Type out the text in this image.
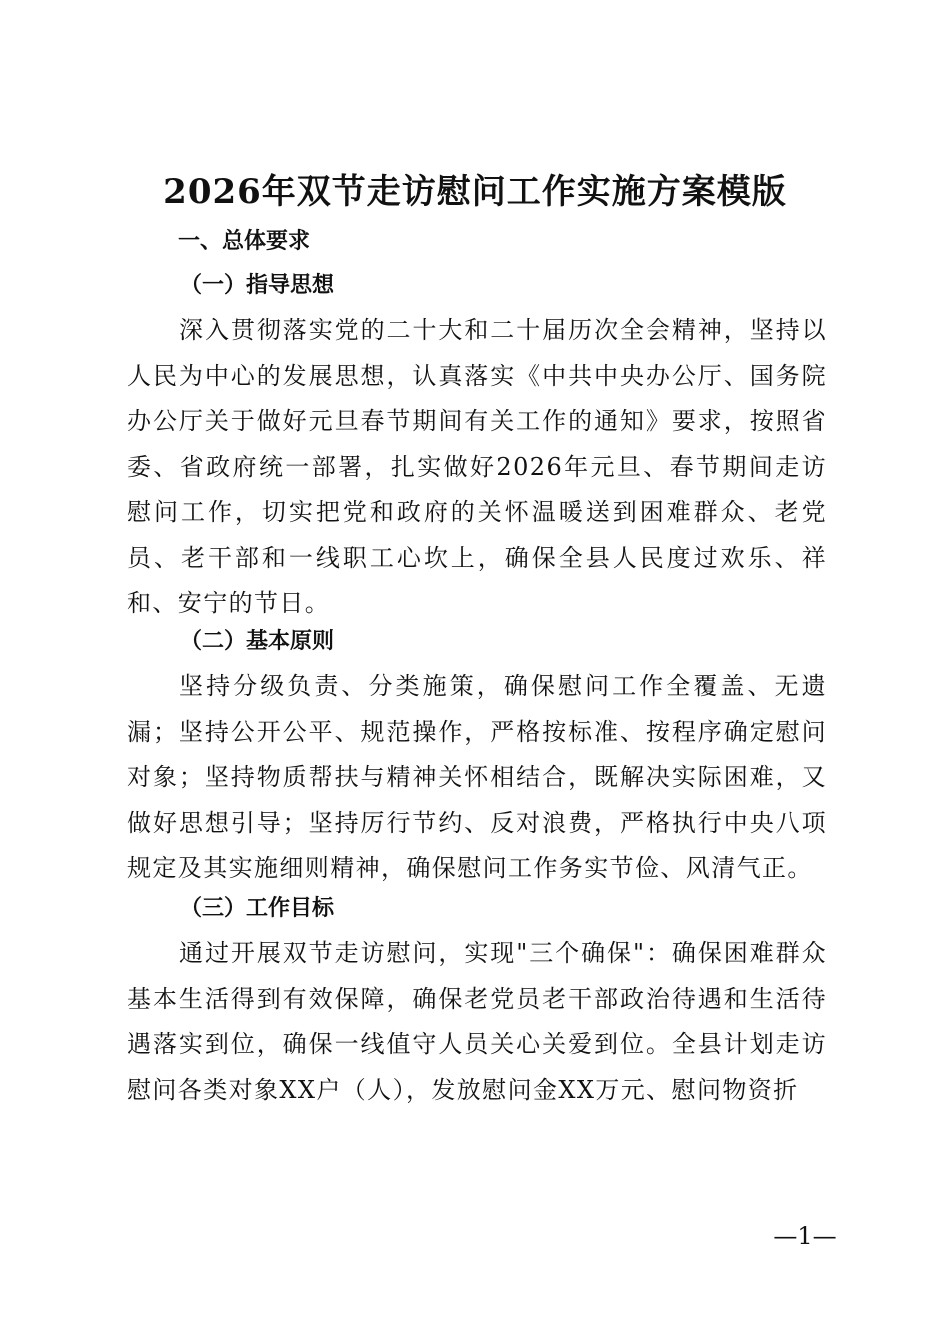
2026年双节走访慰问工作实施方案模版
一、总体要求
（一）指导思想

深入贯彻落实党的二十大和二十届历次全会精神，坚持以人民为中心的发展思想，认真落实《中共中央办公厅、国务院办公厅关于做好元旦春节期间有关工作的通知》要求，按照省委、省政府统一部署，扎实做好2026年元旦、春节期间走访慰问工作，切实把党和政府的关怀温暖送到困难群众、老党员、老干部和一线职工心坎上，确保全县人民度过欢乐、祥和、安宁的节日。

（二）基本原则

坚持分级负责、分类施策，确保慰问工作全覆盖、无遗漏；坚持公开公平、规范操作，严格按标准、按程序确定慰问对象；坚持物质帮扶与精神关怀相结合，既解决实际困难，又做好思想引导；坚持厉行节约、反对浪费，严格执行中央八项规定及其实施细则精神，确保慰问工作务实节俭、风清气正。

（三）工作目标

通过开展双节走访慰问，实现"三个确保"：确保困难群众基本生活得到有效保障，确保老党员老干部政治待遇和生活待遇落实到位，确保一线值守人员关心关爱到位。全县计划走访慰问各类对象XX户（人），发放慰问金XX万元、慰问物资折

—1—
